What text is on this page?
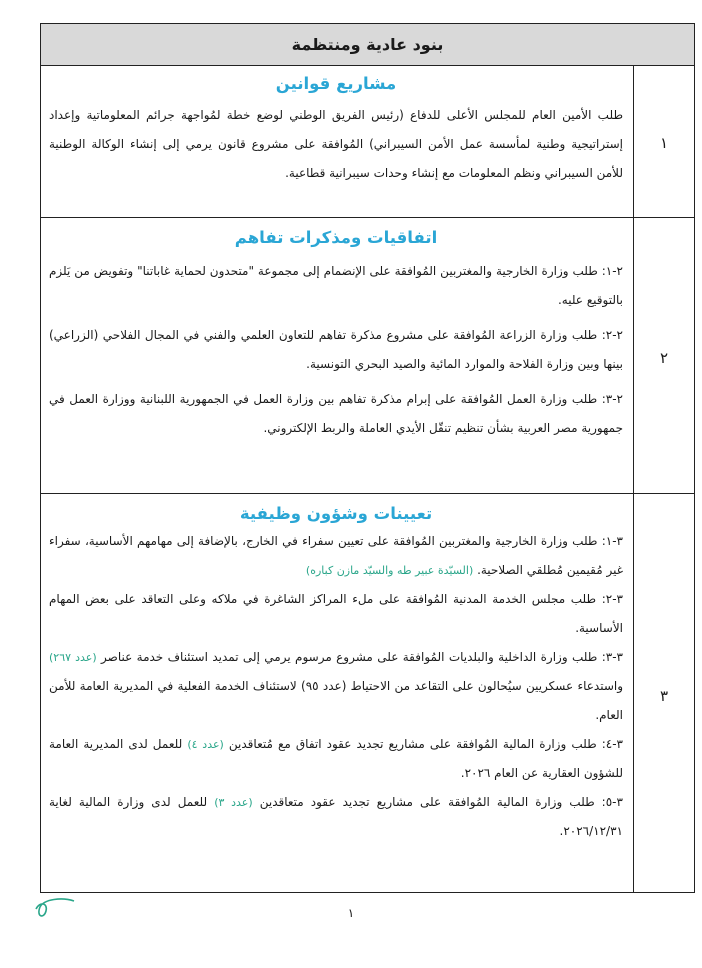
بنود عادية ومنتظمة
١
مشاريع قوانين

طلب الأمين العام للمجلس الأعلى للدفاع (رئيس الفريق الوطني لوضع خطة لمُواجهة جرائم المعلوماتية وإعداد إستراتيجية وطنية لمأسسة عمل الأمن السيبراني) المُوافقة على مشروع قانون يرمي إلى إنشاء الوكالة الوطنية للأمن السيبراني ونظم المعلومات مع إنشاء وحدات سيبرانية قطاعية.

٢
اتفاقيات ومذكرات تفاهم

٢-١: طلب وزارة الخارجية والمغتربين المُوافقة على الإنضمام إلى مجموعة "متحدون لحماية غاباتنا" وتفويض من يَلزم بالتوقيع عليه.

٢-٢: طلب وزارة الزراعة المُوافقة على مشروع مذكرة تفاهم للتعاون العلمي والفني في المجال الفلاحي (الزراعي) بينها وبين وزارة الفلاحة والموارد المائية والصيد البحري التونسية.

٢-٣: طلب وزارة العمل المُوافقة على إبرام مذكرة تفاهم بين وزارة العمل في الجمهورية اللبنانية ووزارة العمل في جمهورية مصر العربية بشأن تنظيم تنقّل الأيدي العاملة والربط الإلكتروني.

٣
تعيينات وشؤون وظيفية

٣-١: طلب وزارة الخارجية والمغتربين المُوافقة على تعيين سفراء في الخارج، بالإضافة إلى مهامهم الأساسية، سفراء غير مُقيمين مُطلقي الصلاحية. (السيّدة عبير طه والسيّد مازن كباره)

٣-٢: طلب مجلس الخدمة المدنية المُوافقة على ملء المراكز الشاغرة في ملاكه وعلى التعاقد على بعض المهام الأساسية.

٣-٣: طلب وزارة الداخلية والبلديات المُوافقة على مشروع مرسوم يرمي إلى تمديد استئناف خدمة عناصر (عدد ٢٦٧) واستدعاء عسكريين سيُحالون على التقاعد من الاحتياط (عدد ٩٥) لاستئناف الخدمة الفعلية في المديرية العامة للأمن العام.

٣-٤: طلب وزارة المالية المُوافقة على مشاريع تجديد عقود اتفاق مع مُتعاقدين (عدد ٤) للعمل لدى المديرية العامة للشؤون العقارية عن العام ٢٠٢٦.

٣-٥: طلب وزارة المالية المُوافقة على مشاريع تجديد عقود متعاقدين (عدد ٣) للعمل لدى وزارة المالية لغاية ٢٠٢٦/١٢/٣١.

١
